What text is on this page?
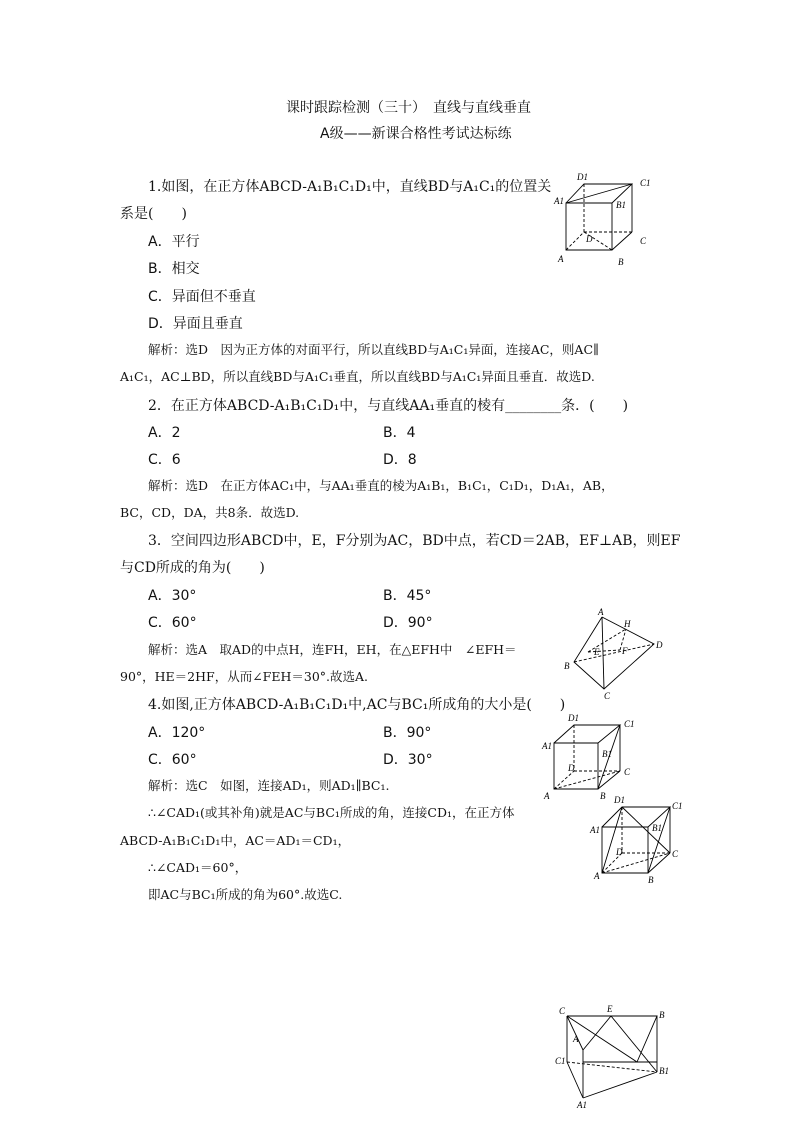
课时跟踪检测（三十）　直线与直线垂直
A级——新课合格性考试达标练
1.如图，在正方体ABCD-A₁B₁C₁D₁中，直线BD与A₁C₁的位置关
系是(　　)
A．平行
B．相交
C．异面但不垂直
D．异面且垂直
解析：选D　因为正方体的对面平行，所以直线BD与A₁C₁异面，连接AC，则AC∥
A₁C₁，AC⊥BD，所以直线BD与A₁C₁垂直，所以直线BD与A₁C₁异面且垂直．故选D.
D1
C1
A1	B1
D	C
A	B
2．在正方体ABCD-A₁B₁C₁D₁中，与直线AA₁垂直的棱有________条．(　　)
A．2	B．4
C．6	D．8
解析：选D　在正方体AC₁中，与AA₁垂直的棱为A₁B₁，B₁C₁，C₁D₁，D₁A₁，AB，
BC，CD，DA，共8条．故选D.
3．空间四边形ABCD中，E，F分别为AC，BD中点，若CD＝2AB，EF⊥AB，则EF
与CD所成的角为(　　)
A．30°	B．45°
C．60°	D．90°
解析：选A　取AD的中点H，连FH，EH，在△EFH中　∠EFH＝
90°，HE＝2HF，从而∠FEH＝30°.故选A.
A
H
E	F
D
B
C
4.如图,正方体ABCD-A₁B₁C₁D₁中,AC与BC₁所成角的大小是(　　)
A．120°	B．90°
C．60°	D．30°
解析：选C　如图，连接AD₁，则AD₁∥BC₁.
∴∠CAD₁(或其补角)就是AC与BC₁所成的角，连接CD₁，在正方体
ABCD-A₁B₁C₁D₁中，AC＝AD₁＝CD₁，
∴∠CAD₁＝60°，
即AC与BC₁所成的角为60°.故选C.
D1
C1
A1
B1
D	C
A	B D1
C1
A1	B1
D	C
A	B
C	E
B
A
C1
B1
A1
